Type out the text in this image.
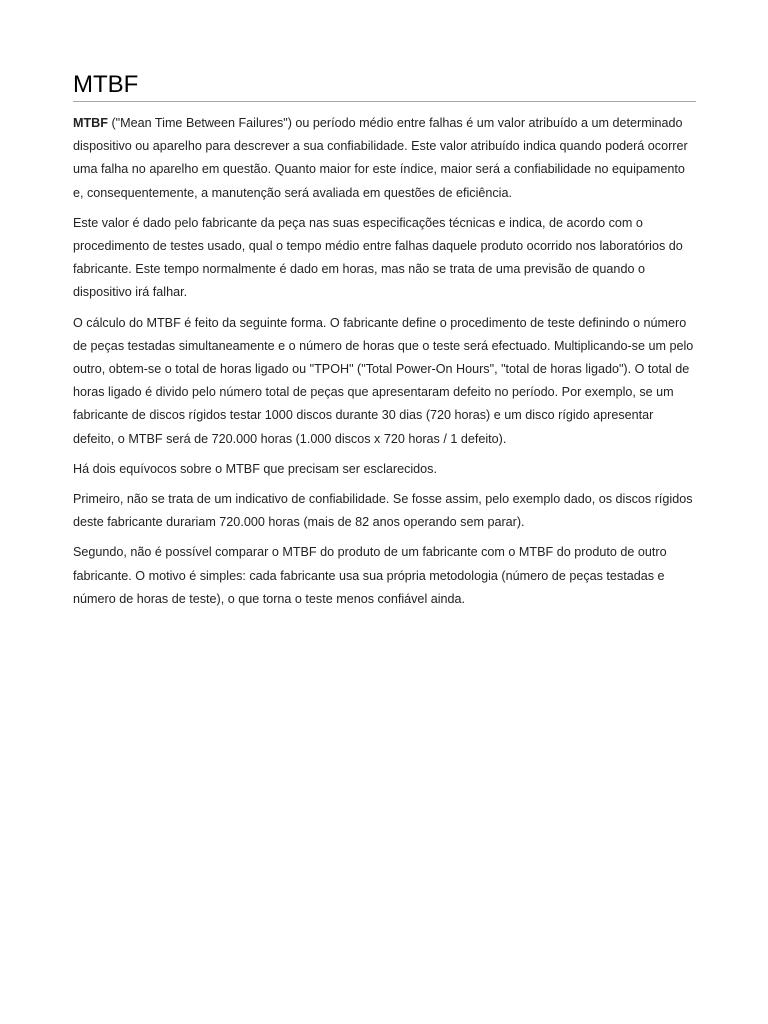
MTBF

MTBF ("Mean Time Between Failures") ou período médio entre falhas é um valor atribuído a um determinado dispositivo ou aparelho para descrever a sua confiabilidade. Este valor atribuído indica quando poderá ocorrer uma falha no aparelho em questão. Quanto maior for este índice, maior será a confiabilidade no equipamento e, consequentemente, a manutenção será avaliada em questões de eficiência.

Este valor é dado pelo fabricante da peça nas suas especificações técnicas e indica, de acordo com o procedimento de testes usado, qual o tempo médio entre falhas daquele produto ocorrido nos laboratórios do fabricante. Este tempo normalmente é dado em horas, mas não se trata de uma previsão de quando o dispositivo irá falhar.

O cálculo do MTBF é feito da seguinte forma. O fabricante define o procedimento de teste definindo o número de peças testadas simultaneamente e o número de horas que o teste será efectuado. Multiplicando-se um pelo outro, obtem-se o total de horas ligado ou "TPOH" ("Total Power-On Hours", "total de horas ligado"). O total de horas ligado é divido pelo número total de peças que apresentaram defeito no período. Por exemplo, se um fabricante de discos rígidos testar 1000 discos durante 30 dias (720 horas) e um disco rígido apresentar defeito, o MTBF será de 720.000 horas (1.000 discos x 720 horas / 1 defeito).

Há dois equívocos sobre o MTBF que precisam ser esclarecidos.

Primeiro, não se trata de um indicativo de confiabilidade. Se fosse assim, pelo exemplo dado, os discos rígidos deste fabricante durariam 720.000 horas (mais de 82 anos operando sem parar).

Segundo, não é possível comparar o MTBF do produto de um fabricante com o MTBF do produto de outro fabricante. O motivo é simples: cada fabricante usa sua própria metodologia (número de peças testadas e número de horas de teste), o que torna o teste menos confiável ainda.
